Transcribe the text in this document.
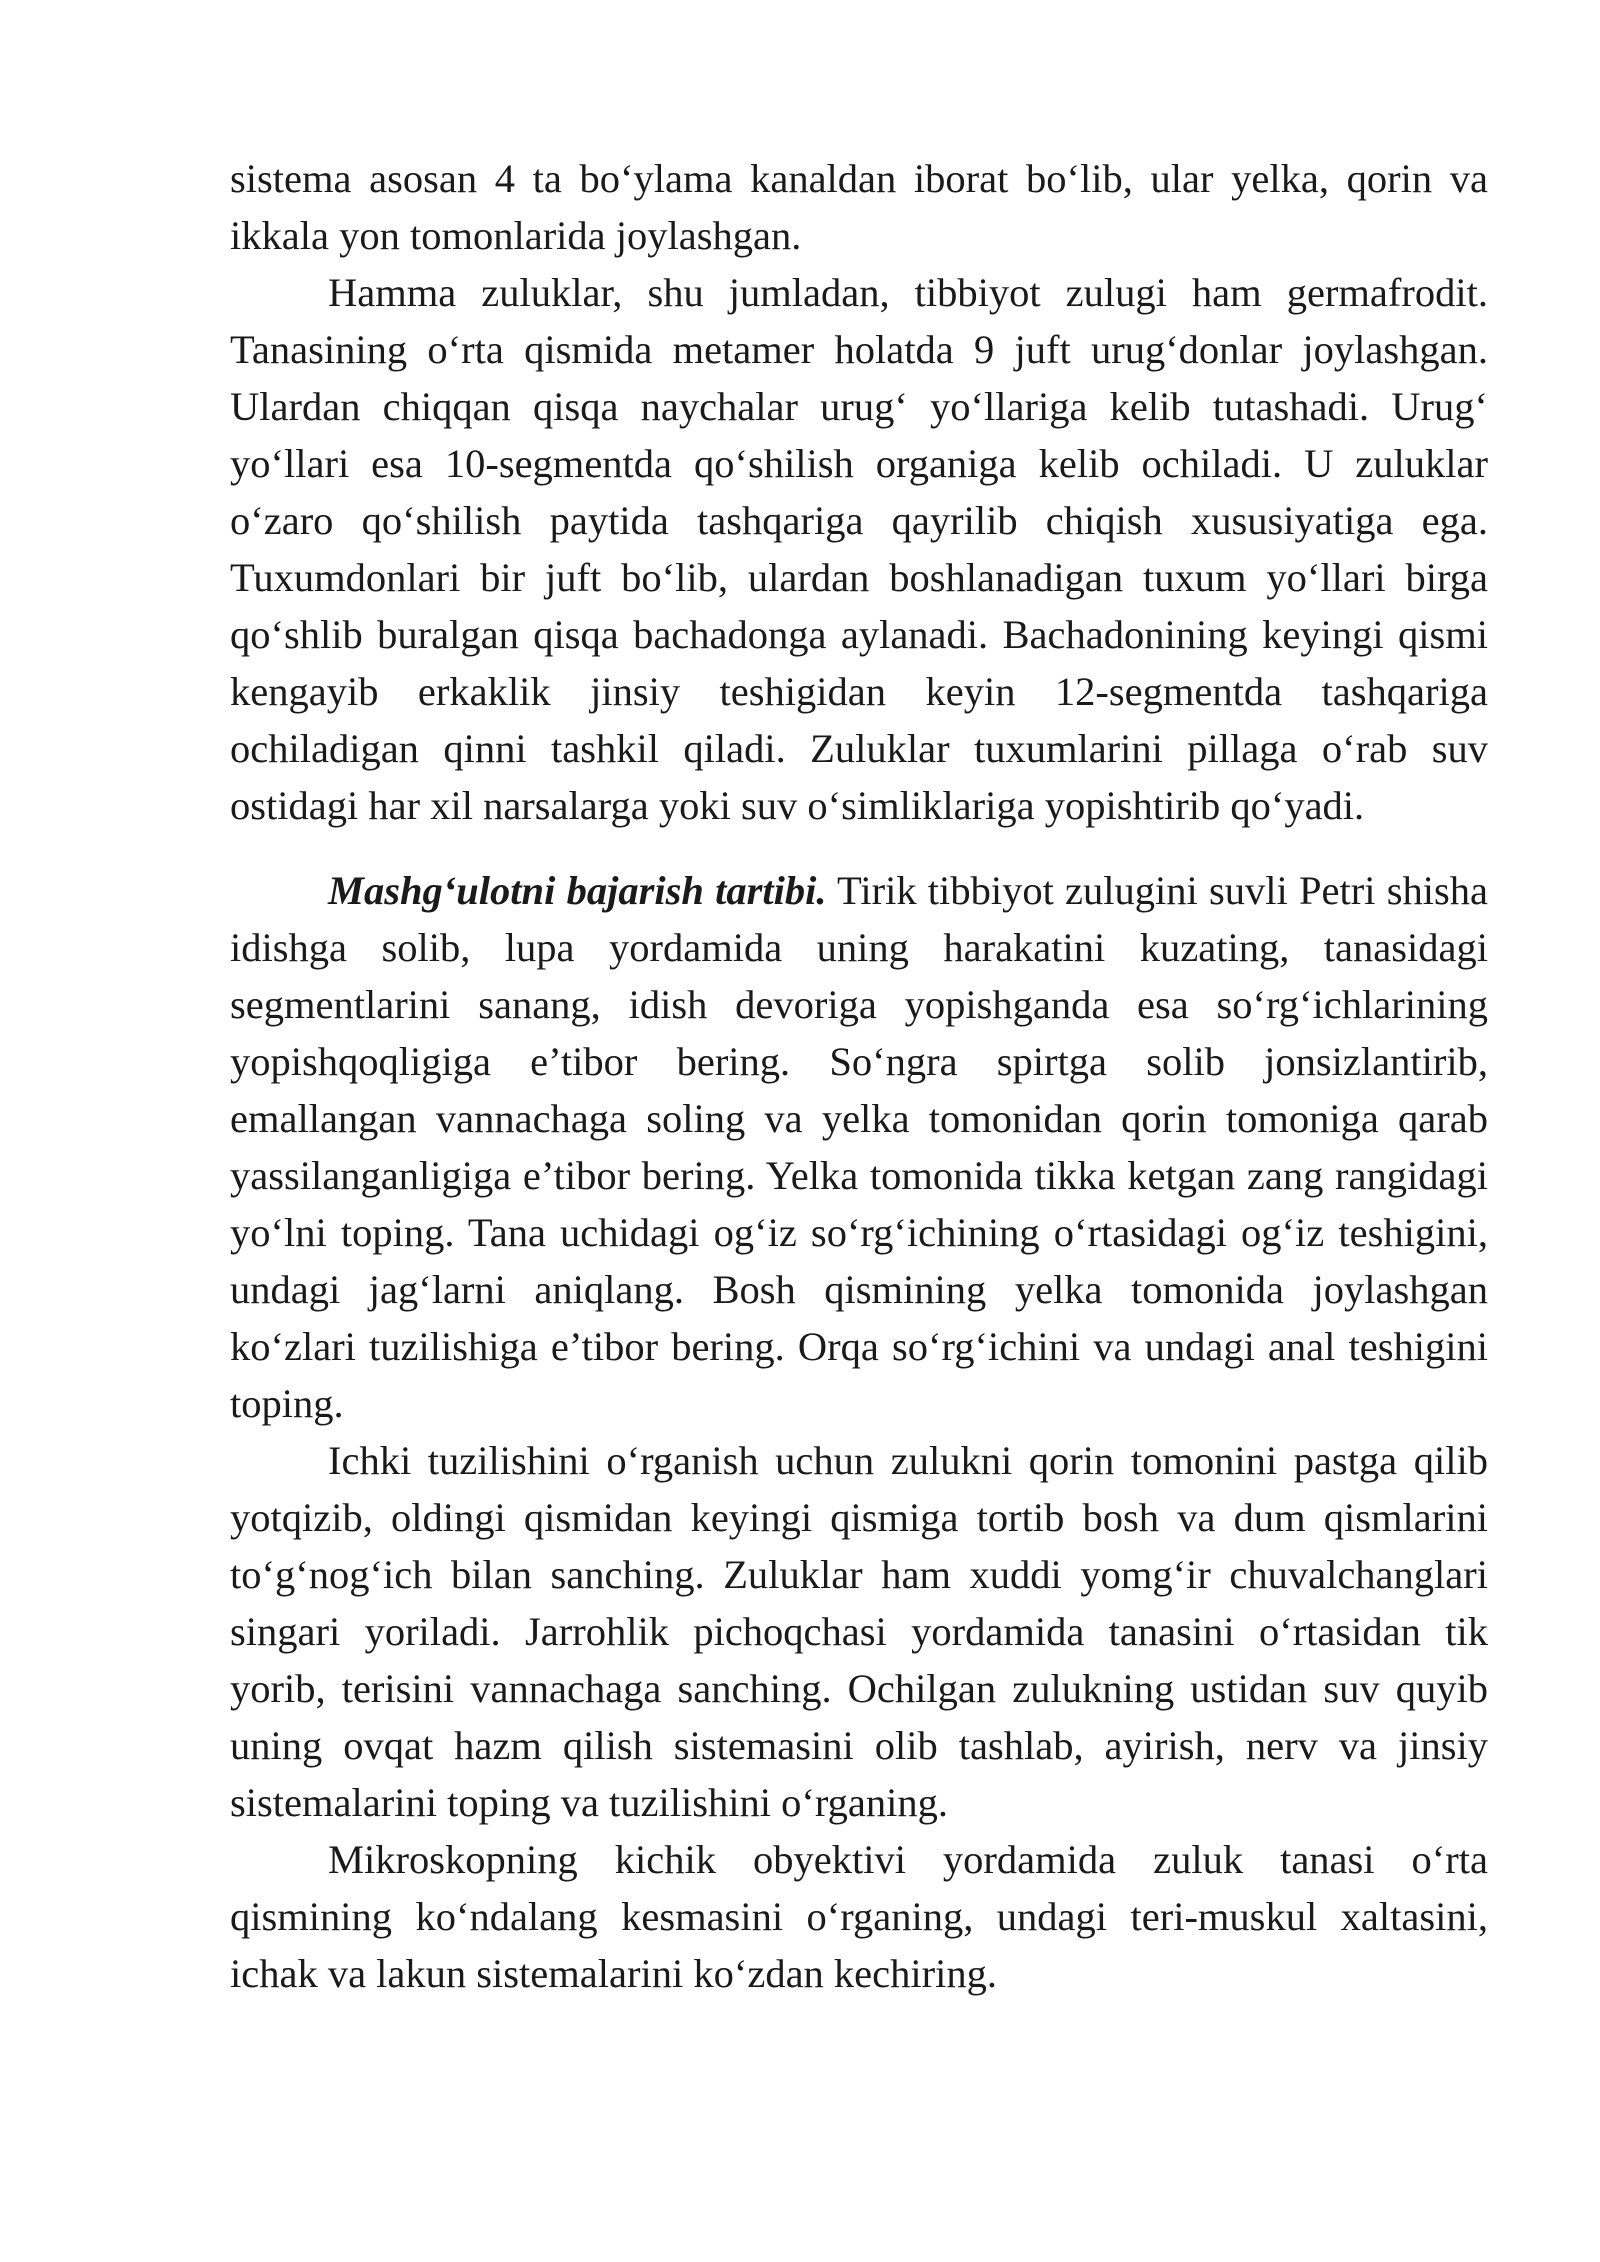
sistema asosan 4 ta bo‘ylama kanaldan iborat bo‘lib, ular yelka, qorin va ikkala yon tomonlarida joylashgan.

Hamma zuluklar, shu jumladan, tibbiyot zulugi ham germafrodit. Tanasining o‘rta qismida metamer holatda 9 juft urug‘donlar joylashgan. Ulardan chiqqan qisqa naychalar urug‘ yo‘llariga kelib tutashadi. Urug‘ yo‘llari esa 10-segmentda qo‘shilish organiga kelib ochiladi. U zuluklar o‘zaro qo‘shilish paytida tashqariga qayrilib chiqish xususiyatiga ega. Tuxumdonlari bir juft bo‘lib, ulardan boshlanadigan tuxum yo‘llari birga qo‘shlib buralgan qisqa bachadonga aylanadi. Bachadonining keyingi qismi kengayib erkaklik jinsiy teshigidan keyin 12-segmentda tashqariga ochiladigan qinni tashkil qiladi. Zuluklar tuxumlarini pillaga o‘rab suv ostidagi har xil narsalarga yoki suv o‘simliklariga yopishtirib qo‘yadi.

Mashg‘ulotni bajarish tartibi. Tirik tibbiyot zulugini suvli Petri shisha idishga solib, lupa yordamida uning harakatini kuzating, tanasidagi segmentlarini sanang, idish devoriga yopishganda esa so‘rg‘ichlarining yopishqoqligiga e’tibor bering. So‘ngra spirtga solib jonsizlantirib, emallangan vannachaga soling va yelka tomonidan qorin tomoniga qarab yassilanganligiga e’tibor bering. Yelka tomonida tikka ketgan zang rangidagi yo‘lni toping. Tana uchidagi og‘iz so‘rg‘ichining o‘rtasidagi og‘iz teshigini, undagi jag‘larni aniqlang. Bosh qismining yelka tomonida joylashgan ko‘zlari tuzilishiga e’tibor bering. Orqa so‘rg‘ichini va undagi anal teshigini toping.

Ichki tuzilishini o‘rganish uchun zulukni qorin tomonini pastga qilib yotqizib, oldingi qismidan keyingi qismiga tortib bosh va dum qismlarini to‘g‘nog‘ich bilan sanching. Zuluklar ham xuddi yomg‘ir chuvalchanglari singari yoriladi. Jarrohlik pichoqchasi yordamida tanasini o‘rtasidan tik yorib, terisini vannachaga sanching. Ochilgan zulukning ustidan suv quyib uning ovqat hazm qilish sistemasini olib tashlab, ayirish, nerv va jinsiy sistemalarini toping va tuzilishini o‘rganing.

Mikroskopning kichik obyektivi yordamida zuluk tanasi o‘rta qismining ko‘ndalang kesmasini o‘rganing, undagi teri-muskul xaltasini, ichak va lakun sistemalarini ko‘zdan kechiring.
